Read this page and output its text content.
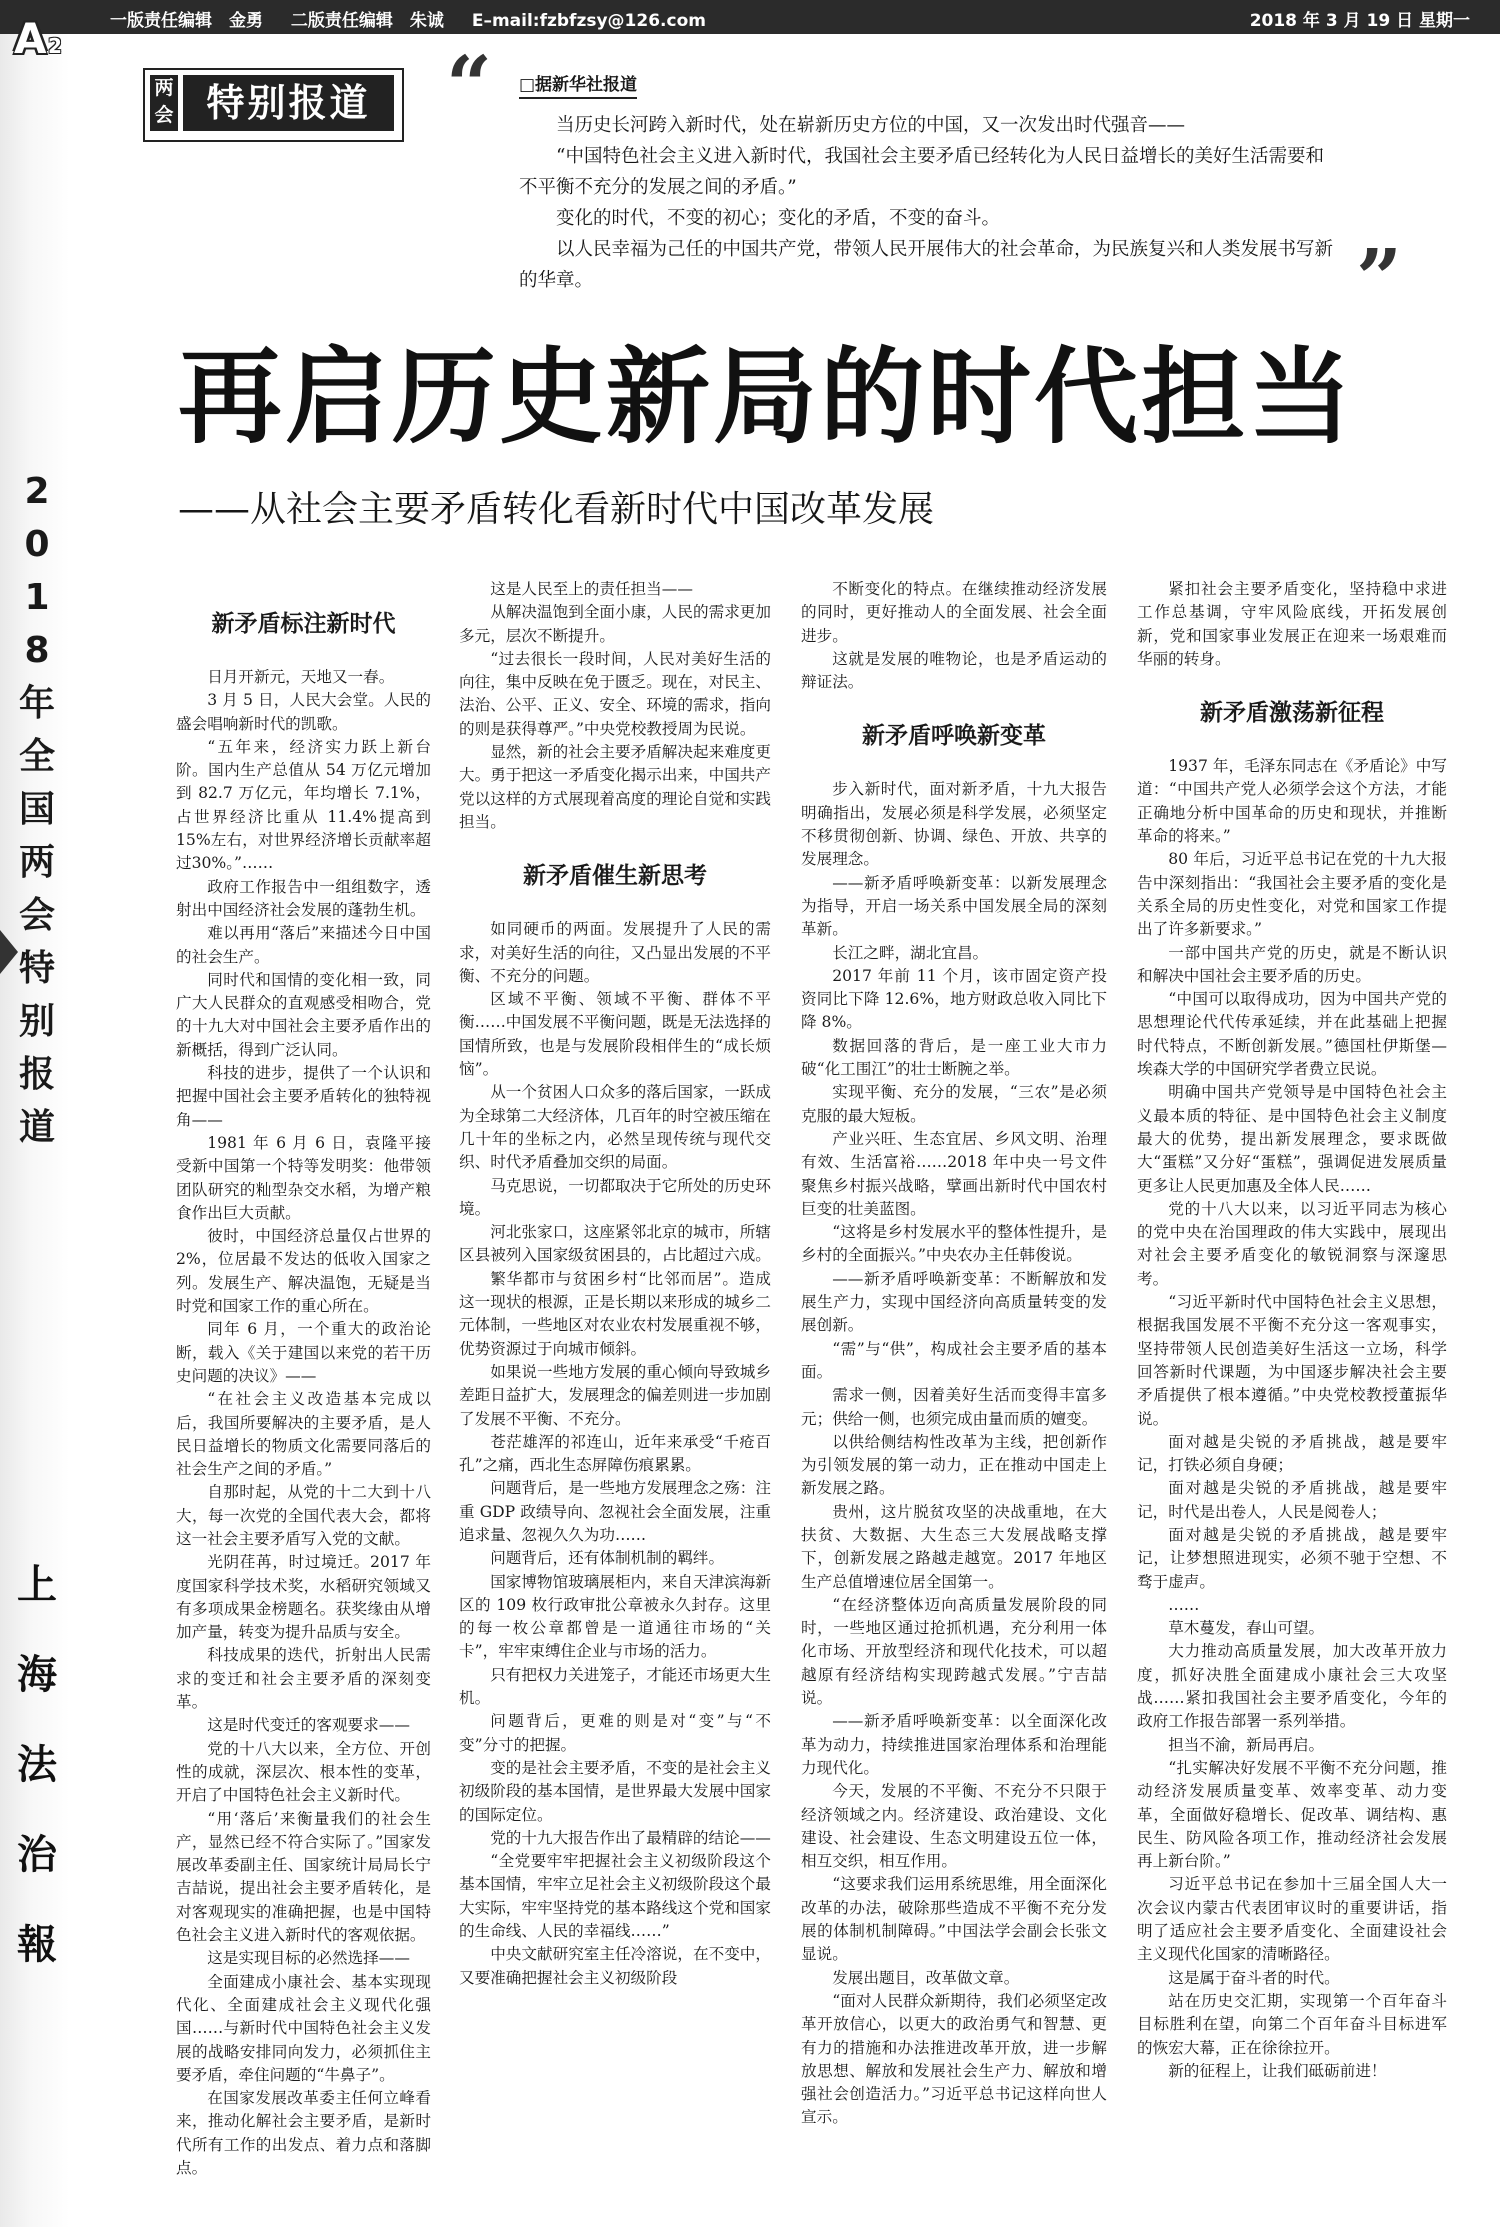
一版责任编辑　金勇 二版责任编辑　朱诚 E–mail:fzbfzsy@126.com	2018 年 3 月 19 日 星期一
A 2
2
0
1
8
年
全
国
两
会
特
别
报
道
上
海
法
治
報
两会 特别报道 “ □据新华社报道

当历史长河跨入新时代，处在崭新历史方位的中国，又一次发出时代强音——

“中国特色社会主义进入新时代，我国社会主要矛盾已经转化为人民日益增长的美好生活需要和不平衡不充分的发展之间的矛盾。”

变化的时代，不变的初心；变化的矛盾，不变的奋斗。

以人民幸福为己任的中国共产党，带领人民开展伟大的社会革命，为民族复兴和人类发展书写新的华章。	”
再启历史新局的时代担当
——从社会主要矛盾转化看新时代中国改革发展
新矛盾标注新时代

日月开新元，天地又一春。

3 月 5 日，人民大会堂。人民的盛会唱响新时代的凯歌。

“五年来，经济实力跃上新台阶。国内生产总值从 54 万亿元增加到 82.7 万亿元，年均增长 7.1%，占世界经济比重从 11.4%提高到 15%左右，对世界经济增长贡献率超过30%。”……

政府工作报告中一组组数字，透射出中国经济社会发展的蓬勃生机。

难以再用“落后”来描述今日中国的社会生产。

同时代和国情的变化相一致，同广大人民群众的直观感受相吻合，党的十九大对中国社会主要矛盾作出的新概括，得到广泛认同。

科技的进步，提供了一个认识和把握中国社会主要矛盾转化的独特视角——

1981 年 6 月 6 日，袁隆平接受新中国第一个特等发明奖：他带领团队研究的籼型杂交水稻，为增产粮食作出巨大贡献。

彼时，中国经济总量仅占世界的2%，位居最不发达的低收入国家之列。发展生产、解决温饱，无疑是当时党和国家工作的重心所在。

同年 6 月，一个重大的政治论断，载入《关于建国以来党的若干历史问题的决议》——

“在社会主义改造基本完成以后，我国所要解决的主要矛盾，是人民日益增长的物质文化需要同落后的社会生产之间的矛盾。”

自那时起，从党的十二大到十八大，每一次党的全国代表大会，都将这一社会主要矛盾写入党的文献。

光阴荏苒，时过境迁。2017 年度国家科学技术奖，水稻研究领域又有多项成果金榜题名。获奖缘由从增加产量，转变为提升品质与安全。

科技成果的迭代，折射出人民需求的变迁和社会主要矛盾的深刻变革。

这是时代变迁的客观要求——

党的十八大以来，全方位、开创性的成就，深层次、根本性的变革，开启了中国特色社会主义新时代。

“用‘落后’来衡量我们的社会生产，显然已经不符合实际了。”国家发展改革委副主任、国家统计局局长宁吉喆说，提出社会主要矛盾转化，是对客观现实的准确把握，也是中国特色社会主义进入新时代的客观依据。

这是实现目标的必然选择——

全面建成小康社会、基本实现现代化、全面建成社会主义现代化强国……与新时代中国特色社会主义发展的战略安排同向发力，必须抓住主要矛盾，牵住问题的“牛鼻子”。

在国家发展改革委主任何立峰看来，推动化解社会主要矛盾，是新时代所有工作的出发点、着力点和落脚点。

这是人民至上的责任担当——

从解决温饱到全面小康，人民的需求更加多元，层次不断提升。

“过去很长一段时间，人民对美好生活的向往，集中反映在免于匮乏。现在，对民主、法治、公平、正义、安全、环境的需求，指向的则是获得尊严。”中央党校教授周为民说。

显然，新的社会主要矛盾解决起来难度更大。勇于把这一矛盾变化揭示出来，中国共产党以这样的方式展现着高度的理论自觉和实践担当。

新矛盾催生新思考

如同硬币的两面。发展提升了人民的需求，对美好生活的向往，又凸显出发展的不平衡、不充分的问题。

区域不平衡、领域不平衡、群体不平衡……中国发展不平衡问题，既是无法选择的国情所致，也是与发展阶段相伴生的“成长烦恼”。

从一个贫困人口众多的落后国家，一跃成为全球第二大经济体，几百年的时空被压缩在几十年的坐标之内，必然呈现传统与现代交织、时代矛盾叠加交织的局面。

马克思说，一切都取决于它所处的历史环境。

河北张家口，这座紧邻北京的城市，所辖区县被列入国家级贫困县的，占比超过六成。

繁华都市与贫困乡村“比邻而居”。造成这一现状的根源，正是长期以来形成的城乡二元体制，一些地区对农业农村发展重视不够，优势资源过于向城市倾斜。

如果说一些地方发展的重心倾向导致城乡差距日益扩大，发展理念的偏差则进一步加剧了发展不平衡、不充分。

苍茫雄浑的祁连山，近年来承受“千疮百孔”之痛，西北生态屏障伤痕累累。

问题背后，是一些地方发展理念之殇：注重 GDP 政绩导向、忽视社会全面发展，注重追求量、忽视久久为功……

问题背后，还有体制机制的羁绊。

国家博物馆玻璃展柜内，来自天津滨海新区的 109 枚行政审批公章被永久封存。这里的每一枚公章都曾是一道通往市场的“关卡”，牢牢束缚住企业与市场的活力。

只有把权力关进笼子，才能还市场更大生机。

问题背后，更难的则是对“变”与“不变”分寸的把握。

变的是社会主要矛盾，不变的是社会主义初级阶段的基本国情，是世界最大发展中国家的国际定位。

党的十九大报告作出了最精辟的结论——

“全党要牢牢把握社会主义初级阶段这个基本国情，牢牢立足社会主义初级阶段这个最大实际，牢牢坚持党的基本路线这个党和国家的生命线、人民的幸福线……”

中央文献研究室主任冷溶说，在不变中，又要准确把握社会主义初级阶段

不断变化的特点。在继续推动经济发展的同时，更好推动人的全面发展、社会全面进步。

这就是发展的唯物论，也是矛盾运动的辩证法。

新矛盾呼唤新变革

步入新时代，面对新矛盾，十九大报告明确指出，发展必须是科学发展，必须坚定不移贯彻创新、协调、绿色、开放、共享的发展理念。

——新矛盾呼唤新变革：以新发展理念为指导，开启一场关系中国发展全局的深刻革新。

长江之畔，湖北宜昌。

2017 年前 11 个月，该市固定资产投资同比下降 12.6%，地方财政总收入同比下降 8%。

数据回落的背后，是一座工业大市力破“化工围江”的壮士断腕之举。

实现平衡、充分的发展，“三农”是必须克服的最大短板。

产业兴旺、生态宜居、乡风文明、治理有效、生活富裕……2018 年中央一号文件聚焦乡村振兴战略，擘画出新时代中国农村巨变的壮美蓝图。

“这将是乡村发展水平的整体性提升，是乡村的全面振兴。”中央农办主任韩俊说。

——新矛盾呼唤新变革：不断解放和发展生产力，实现中国经济向高质量转变的发展创新。

“需”与“供”，构成社会主要矛盾的基本面。

需求一侧，因着美好生活而变得丰富多元；供给一侧，也须完成由量而质的嬗变。

以供给侧结构性改革为主线，把创新作为引领发展的第一动力，正在推动中国走上新发展之路。

贵州，这片脱贫攻坚的决战重地，在大扶贫、大数据、大生态三大发展战略支撑下，创新发展之路越走越宽。2017 年地区生产总值增速位居全国第一。

“在经济整体迈向高质量发展阶段的同时，一些地区通过抢抓机遇，充分利用一体化市场、开放型经济和现代化技术，可以超越原有经济结构实现跨越式发展。”宁吉喆说。

——新矛盾呼唤新变革：以全面深化改革为动力，持续推进国家治理体系和治理能力现代化。

今天，发展的不平衡、不充分不只限于经济领域之内。经济建设、政治建设、文化建设、社会建设、生态文明建设五位一体，相互交织，相互作用。

“这要求我们运用系统思维，用全面深化改革的办法，破除那些造成不平衡不充分发展的体制机制障碍。”中国法学会副会长张文显说。

发展出题目，改革做文章。

“面对人民群众新期待，我们必须坚定改革开放信心，以更大的政治勇气和智慧、更有力的措施和办法推进改革开放，进一步解放思想、解放和发展社会生产力、解放和增强社会创造活力。”习近平总书记这样向世人宣示。

紧扣社会主要矛盾变化，坚持稳中求进工作总基调，守牢风险底线，开拓发展创新，党和国家事业发展正在迎来一场艰难而华丽的转身。

新矛盾激荡新征程

1937 年，毛泽东同志在《矛盾论》中写道：“中国共产党人必须学会这个方法，才能正确地分析中国革命的历史和现状，并推断革命的将来。”

80 年后，习近平总书记在党的十九大报告中深刻指出：“我国社会主要矛盾的变化是关系全局的历史性变化，对党和国家工作提出了许多新要求。”

一部中国共产党的历史，就是不断认识和解决中国社会主要矛盾的历史。

“中国可以取得成功，因为中国共产党的思想理论代代传承延续，并在此基础上把握时代特点，不断创新发展。”德国杜伊斯堡—埃森大学的中国研究学者费立民说。

明确中国共产党领导是中国特色社会主义最本质的特征、是中国特色社会主义制度最大的优势，提出新发展理念，要求既做大“蛋糕”又分好“蛋糕”，强调促进发展质量更多让人民更加惠及全体人民……

党的十八大以来，以习近平同志为核心的党中央在治国理政的伟大实践中，展现出对社会主要矛盾变化的敏锐洞察与深邃思考。

“习近平新时代中国特色社会主义思想，根据我国发展不平衡不充分这一客观事实，坚持带领人民创造美好生活这一立场，科学回答新时代课题，为中国逐步解决社会主要矛盾提供了根本遵循。”中央党校教授董振华说。

面对越是尖锐的矛盾挑战，越是要牢记，打铁必须自身硬；

面对越是尖锐的矛盾挑战，越是要牢记，时代是出卷人，人民是阅卷人；

面对越是尖锐的矛盾挑战，越是要牢记，让梦想照进现实，必须不驰于空想、不骛于虚声。

……

草木蔓发，春山可望。

大力推动高质量发展，加大改革开放力度，抓好决胜全面建成小康社会三大攻坚战……紧扣我国社会主要矛盾变化，今年的政府工作报告部署一系列举措。

担当不渝，新局再启。

“扎实解决好发展不平衡不充分问题，推动经济发展质量变革、效率变革、动力变革，全面做好稳增长、促改革、调结构、惠民生、防风险各项工作，推动经济社会发展再上新台阶。”

习近平总书记在参加十三届全国人大一次会议内蒙古代表团审议时的重要讲话，指明了适应社会主要矛盾变化、全面建设社会主义现代化国家的清晰路径。

这是属于奋斗者的时代。

站在历史交汇期，实现第一个百年奋斗目标胜利在望，向第二个百年奋斗目标进军的恢宏大幕，正在徐徐拉开。

新的征程上，让我们砥砺前进！
